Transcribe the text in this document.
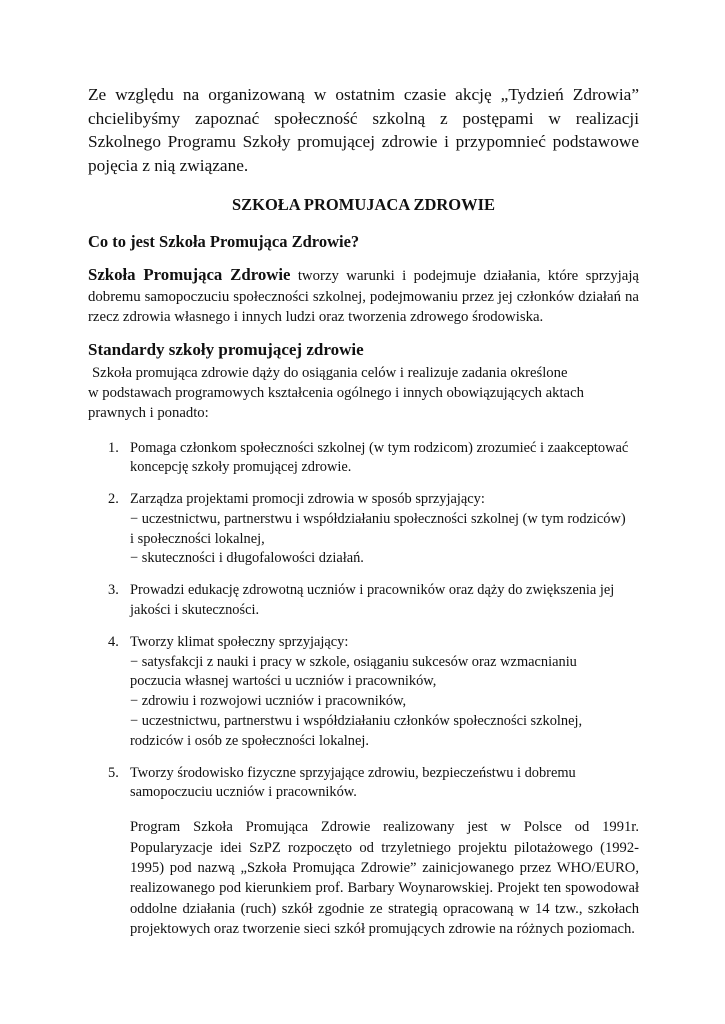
Ze względu na organizowaną w ostatnim czasie akcję „Tydzień Zdrowia” chcielibyśmy zapoznać społeczność szkolną z postępami w realizacji Szkolnego Programu Szkoły promującej zdrowie i przypomnieć podstawowe pojęcia z nią związane.

SZKOŁA PROMUJACA ZDROWIE
Co to jest Szkoła Promująca Zdrowie?

Szkoła Promująca Zdrowie tworzy warunki i podejmuje działania, które sprzyjają dobremu samopoczuciu społeczności szkolnej, podejmowaniu przez jej członków działań na rzecz zdrowia własnego i innych ludzi oraz tworzenia zdrowego środowiska.

Standardy szkoły promującej zdrowie

Szkoła promująca zdrowie dąży do osiągania celów i realizuje zadania określone
w podstawach programowych kształcenia ogólnego i innych obowiązujących aktach
prawnych i ponadto:

1. Pomaga członkom społeczności szkolnej (w tym rodzicom) zrozumieć i zaakceptować
koncepcję szkoły promującej zdrowie.
2. Zarządza projektami promocji zdrowia w sposób sprzyjający:
− uczestnictwu, partnerstwu i współdziałaniu społeczności szkolnej (w tym rodziców)
i społeczności lokalnej,
− skuteczności i długofalowości działań.
3. Prowadzi edukację zdrowotną uczniów i pracowników oraz dąży do zwiększenia jej
jakości i skuteczności.
4. Tworzy klimat społeczny sprzyjający:
− satysfakcji z nauki i pracy w szkole, osiąganiu sukcesów oraz wzmacnianiu
poczucia własnej wartości u uczniów i pracowników,
− zdrowiu i rozwojowi uczniów i pracowników,
− uczestnictwu, partnerstwu i współdziałaniu członków społeczności szkolnej,
rodziców i osób ze społeczności lokalnej.
5. Tworzy środowisko fizyczne sprzyjające zdrowiu, bezpieczeństwu i dobremu
samopoczuciu uczniów i pracowników.

Program Szkoła Promująca Zdrowie realizowany jest w Polsce od 1991r. Popularyzacje idei SzPZ rozpoczęto od trzyletniego projektu pilotażowego (1992-1995) pod nazwą „Szkoła Promująca Zdrowie” zainicjowanego przez WHO/EURO, realizowanego pod kierunkiem prof. Barbary Woynarowskiej. Projekt ten spowodował oddolne działania (ruch) szkół zgodnie ze strategią opracowaną w 14 tzw., szkołach projektowych oraz tworzenie sieci szkół promujących zdrowie na różnych poziomach.
